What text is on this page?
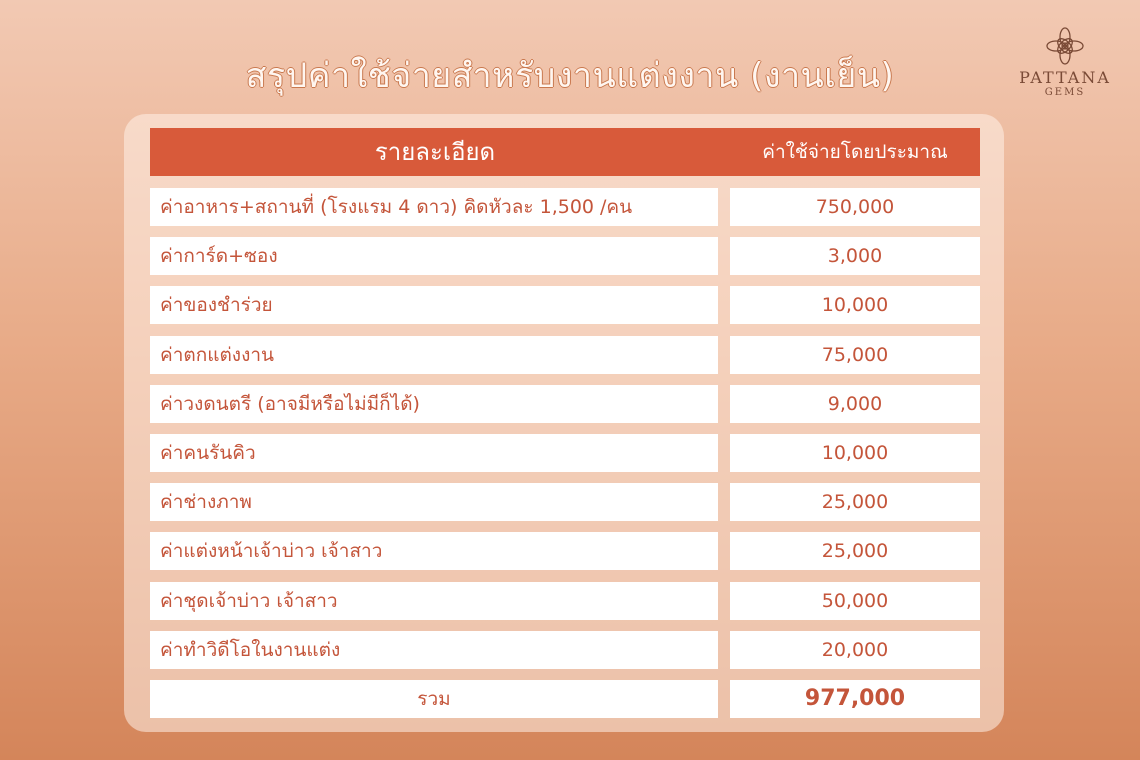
สรุปค่าใช้จ่ายสำหรับงานแต่งงาน (งานเย็น)	PATTANA
GEMS
รายละเอียด	ค่าใช้จ่ายโดยประมาณ
ค่าอาหาร+สถานที่ (โรงแรม 4 ดาว) คิดหัวละ 1,500 /คน	750,000
ค่าการ์ด+ซอง	3,000
ค่าของชำร่วย	10,000
ค่าตกแต่งงาน	75,000
ค่าวงดนตรี (อาจมีหรือไม่มีก็ได้)	9,000
ค่าคนรันคิว	10,000
ค่าช่างภาพ	25,000
ค่าแต่งหน้าเจ้าบ่าว เจ้าสาว	25,000
ค่าชุดเจ้าบ่าว เจ้าสาว	50,000
ค่าทำวิดีโอในงานแต่ง	20,000
รวม	977,000
